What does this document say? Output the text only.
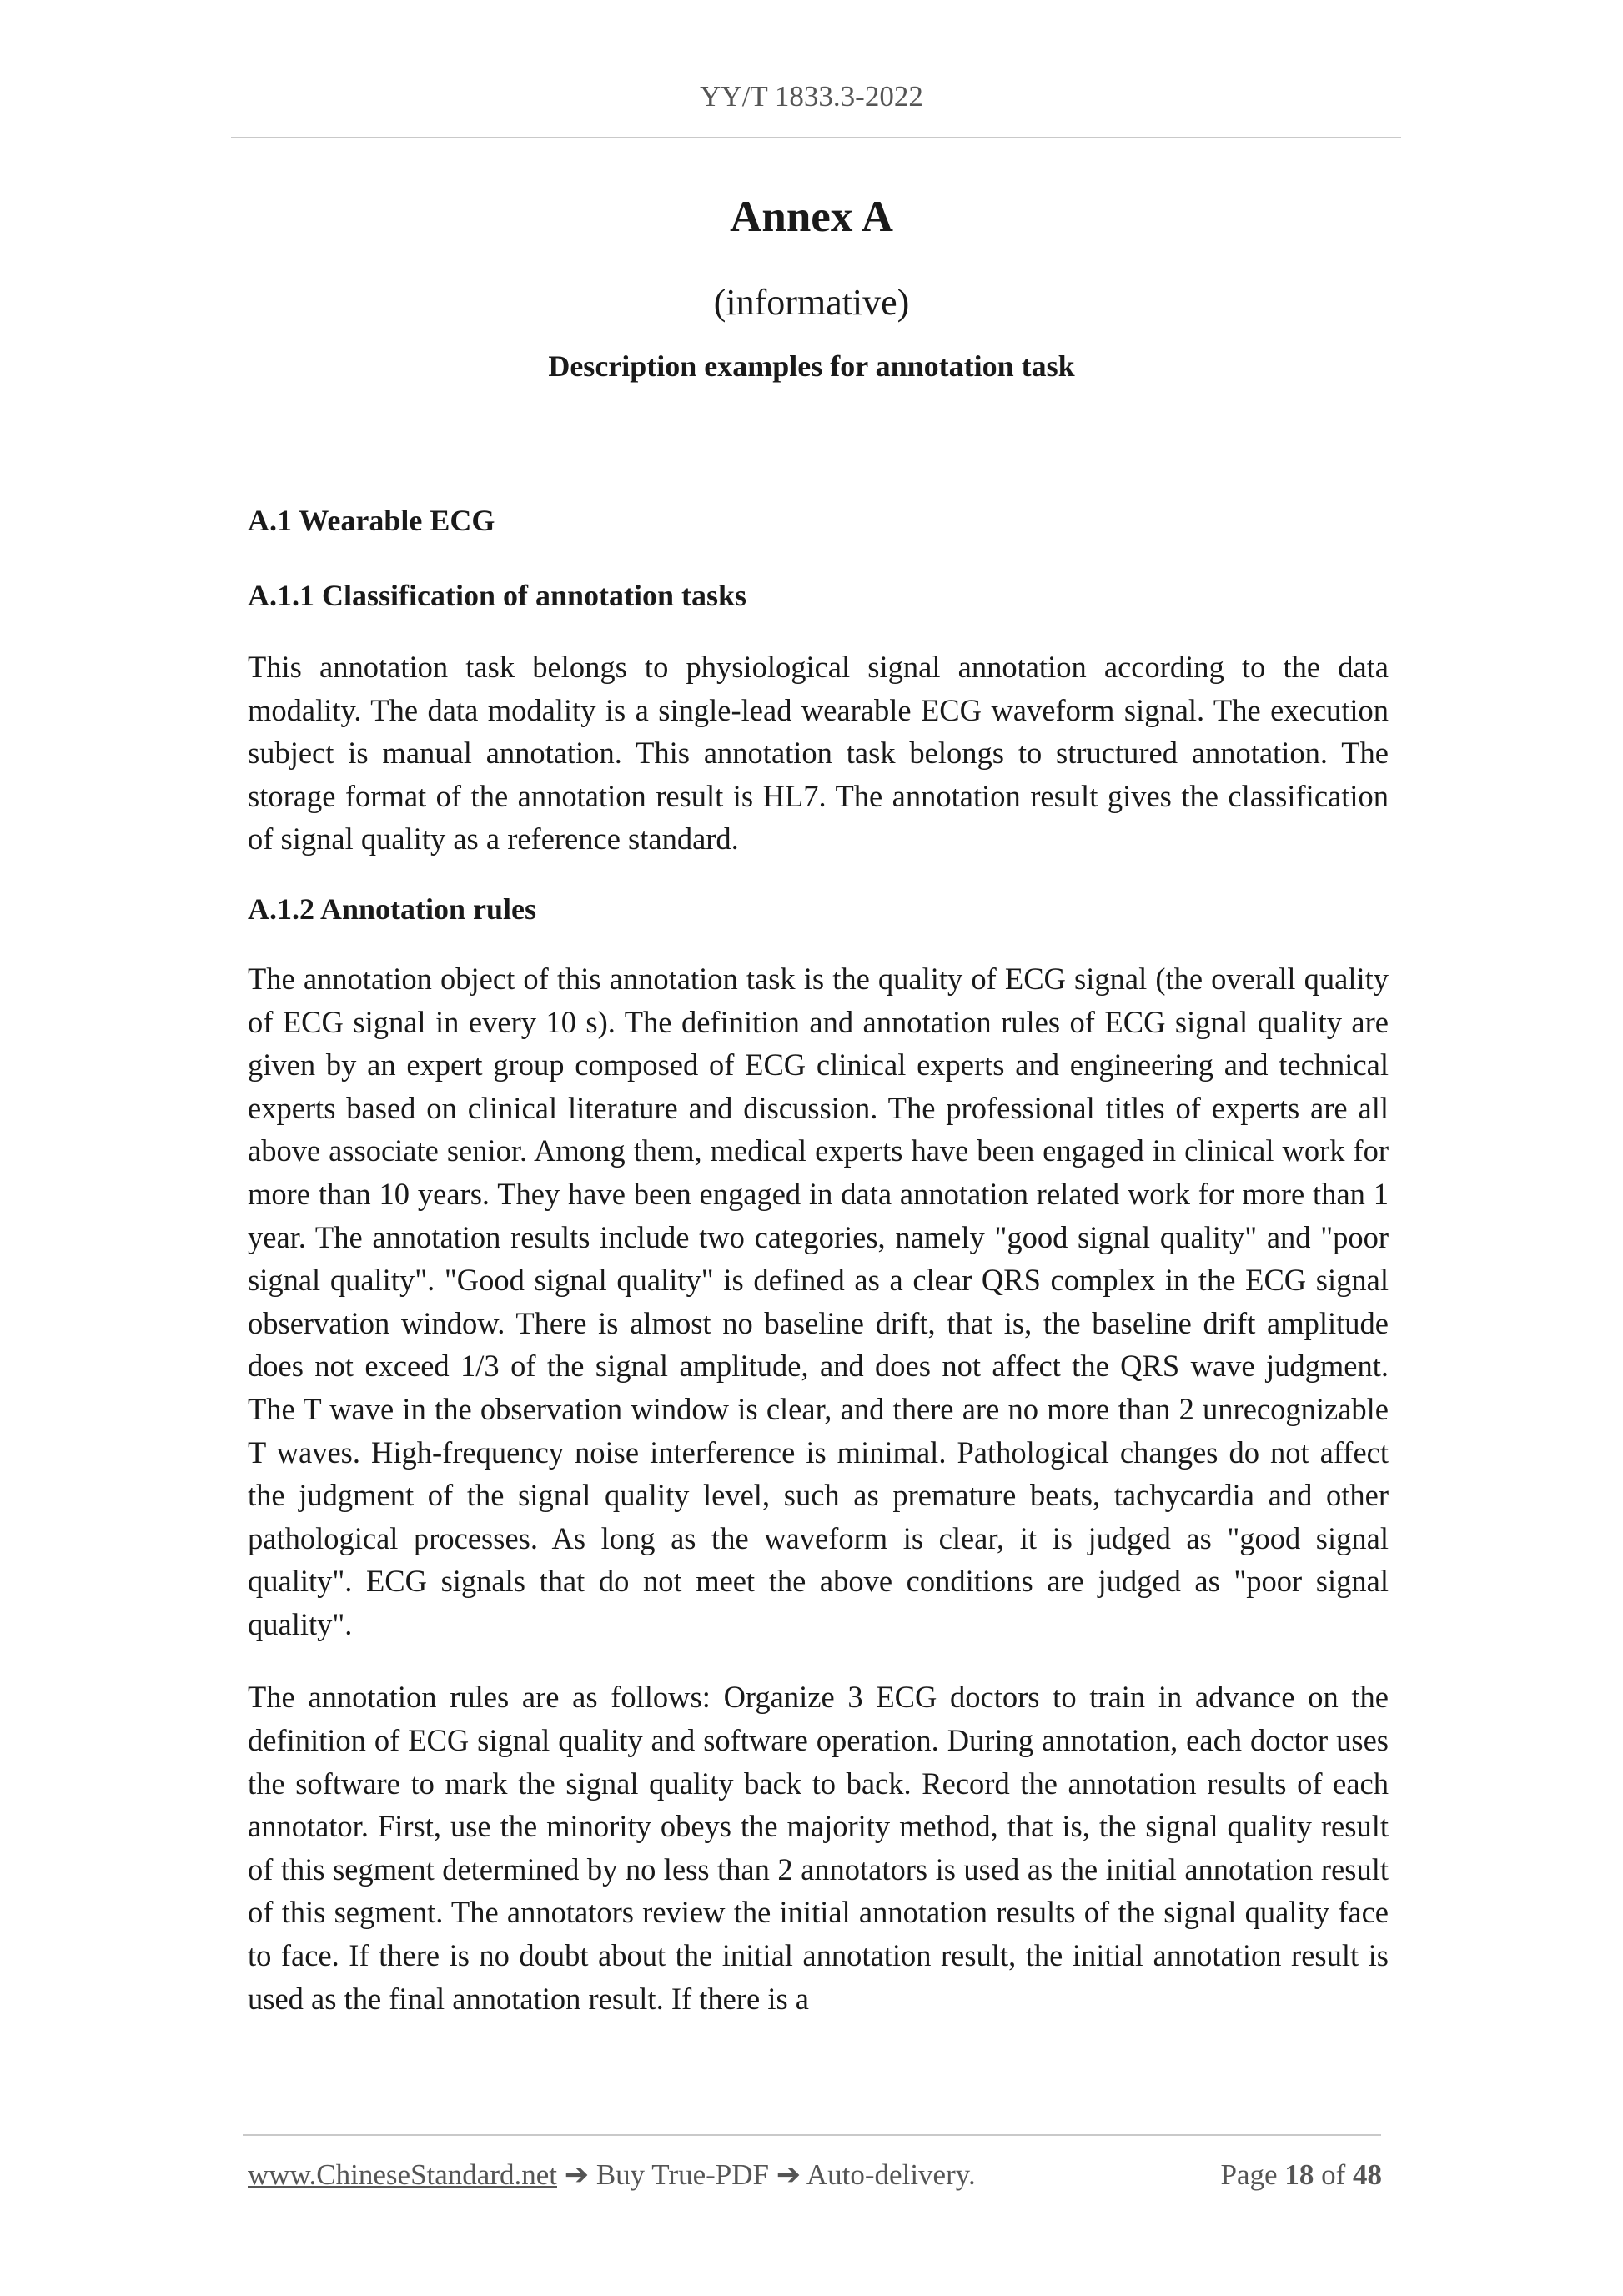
YY/T 1833.3-2022
Annex A
(informative)
Description examples for annotation task

A.1 Wearable ECG

A.1.1 Classification of annotation tasks

This annotation task belongs to physiological signal annotation according to the data modality. The data modality is a single-lead wearable ECG waveform signal. The execution subject is manual annotation. This annotation task belongs to structured annotation. The storage format of the annotation result is HL7. The annotation result gives the classification of signal quality as a reference standard.

A.1.2 Annotation rules

The annotation object of this annotation task is the quality of ECG signal (the overall quality of ECG signal in every 10 s). The definition and annotation rules of ECG signal quality are given by an expert group composed of ECG clinical experts and engineering and technical experts based on clinical literature and discussion. The professional titles of experts are all above associate senior. Among them, medical experts have been engaged in clinical work for more than 10 years. They have been engaged in data annotation related work for more than 1 year. The annotation results include two categories, namely "good signal quality" and "poor signal quality". "Good signal quality" is defined as a clear QRS complex in the ECG signal observation window. There is almost no baseline drift, that is, the baseline drift amplitude does not exceed 1/3 of the signal amplitude, and does not affect the QRS wave judgment. The T wave in the observation window is clear, and there are no more than 2 unrecognizable T waves. High-frequency noise interference is minimal. Pathological changes do not affect the judgment of the signal quality level, such as premature beats, tachycardia and other pathological processes. As long as the waveform is clear, it is judged as "good signal quality". ECG signals that do not meet the above conditions are judged as "poor signal quality".

The annotation rules are as follows: Organize 3 ECG doctors to train in advance on the definition of ECG signal quality and software operation. During annotation, each doctor uses the software to mark the signal quality back to back. Record the annotation results of each annotator. First, use the minority obeys the majority method, that is, the signal quality result of this segment determined by no less than 2 annotators is used as the initial annotation result of this segment. The annotators review the initial annotation results of the signal quality face to face. If there is no doubt about the initial annotation result, the initial annotation result is used as the final annotation result. If there is a

www.ChineseStandard.net ➔ Buy True-PDF ➔ Auto-delivery.	Page 18 of 48
